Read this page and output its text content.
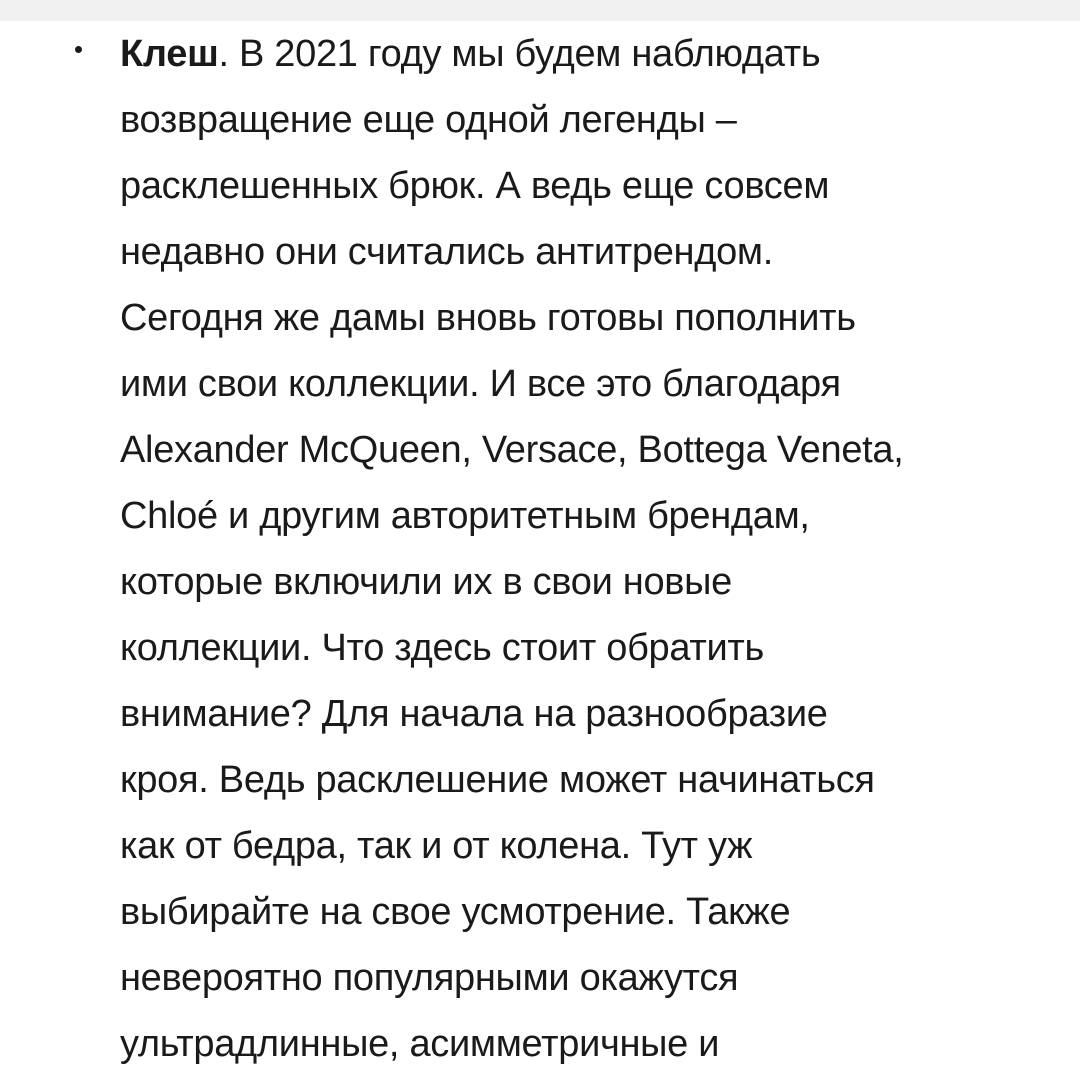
Клеш. В 2021 году мы будем наблюдать
возвращение еще одной легенды –
расклешенных брюк. А ведь еще совсем
недавно они считались антитрендом.
Сегодня же дамы вновь готовы пополнить
ими свои коллекции. И все это благодаря
Alexander McQueen, Versace, Bottega Veneta,
Chloé и другим авторитетным брендам,
которые включили их в свои новые
коллекции. Что здесь стоит обратить
внимание? Для начала на разнообразие
кроя. Ведь расклешение может начинаться
как от бедра, так и от колена. Тут уж
выбирайте на свое усмотрение. Также
невероятно популярными окажутся
ультрадлинные, асимметричные и
